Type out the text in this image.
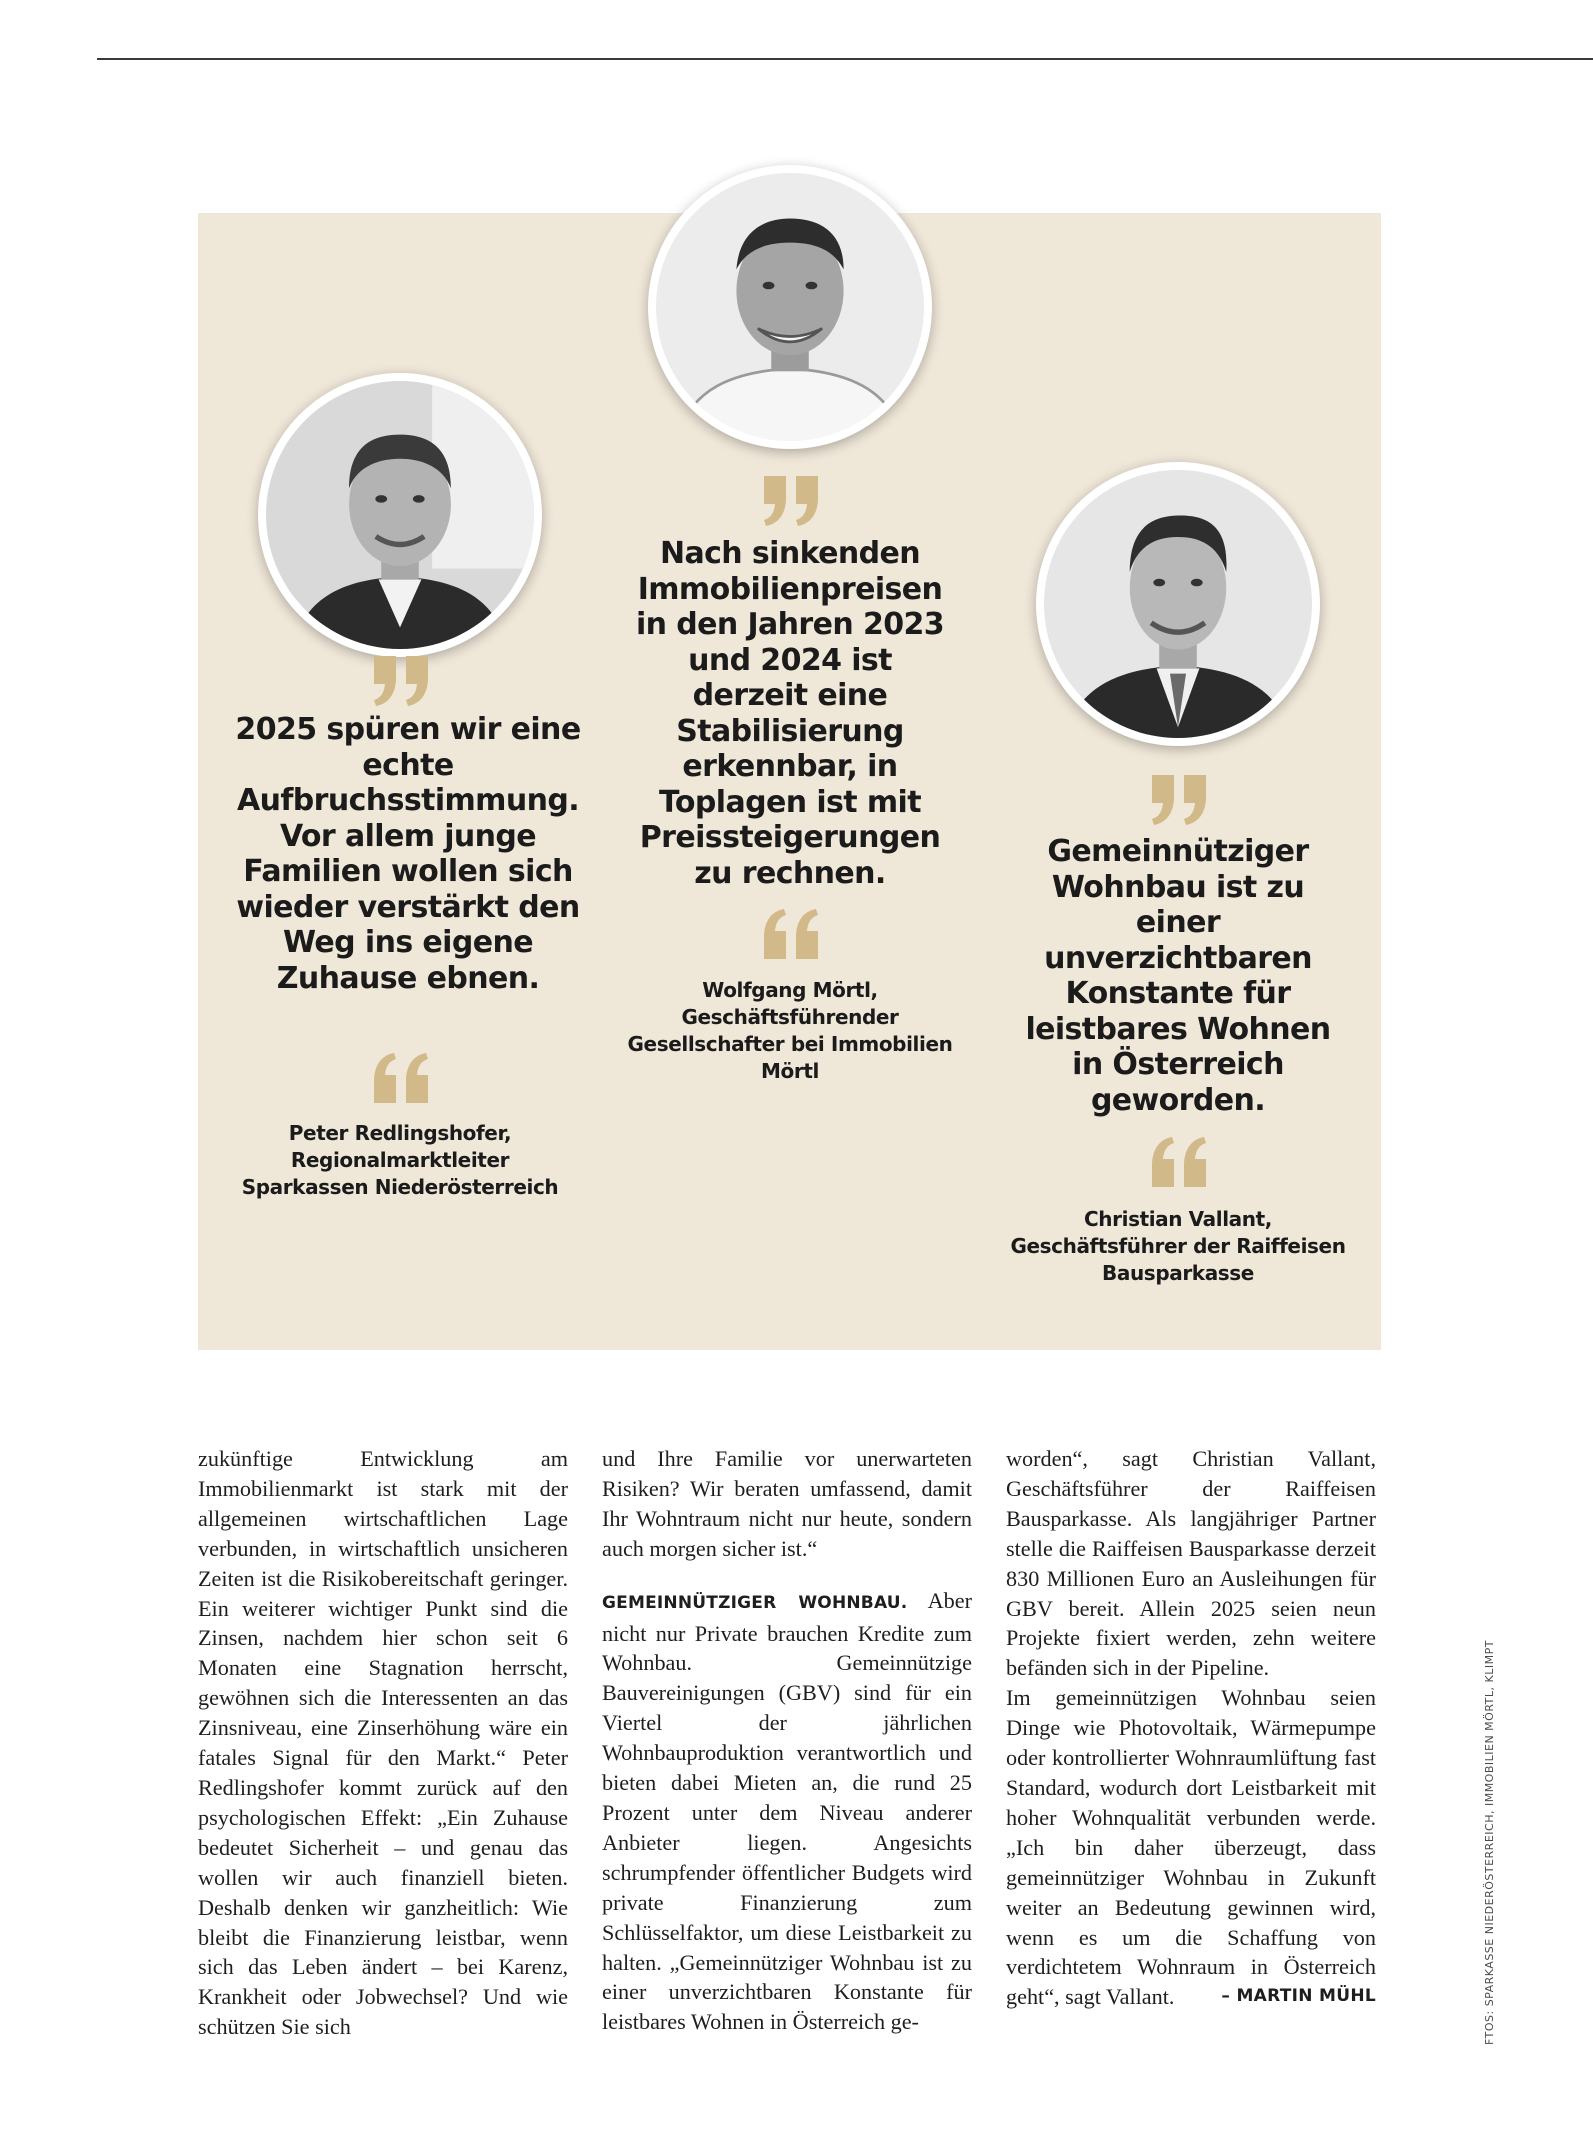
2025 spüren wir eine echte Aufbruchsstimmung. Vor allem junge Familien wollen sich wieder verstärkt den Weg ins eigene Zuhause ebnen.
Peter Redlingshofer,
Regionalmarktleiter
Sparkassen Niederösterreich
Nach sinkenden Immobilienpreisen in den Jahren 2023 und 2024 ist derzeit eine Stabilisierung erkennbar, in Toplagen ist mit Preissteigerungen zu rechnen.
Wolfgang Mörtl,
Geschäftsführender
Gesellschafter bei Immobilien Mörtl
Gemeinnütziger Wohnbau ist zu einer unverzichtbaren Konstante für leistbares Wohnen in Österreich geworden.
Christian Vallant,
Geschäftsführer der Raiffeisen
Bausparkasse

zukünftige Entwicklung am Immobilienmarkt ist stark mit der allgemeinen wirtschaftlichen Lage verbunden, in wirtschaftlich unsicheren Zeiten ist die Risikobereitschaft geringer. Ein weiterer wichtiger Punkt sind die Zinsen, nachdem hier schon seit 6 Monaten eine Stagnation herrscht, gewöhnen sich die Interessenten an das Zinsniveau, eine Zinserhöhung wäre ein fatales Signal für den Markt.“ Peter Redlingshofer kommt zurück auf den psychologischen Effekt: „Ein Zuhause bedeutet Sicherheit – und genau das wollen wir auch finanziell bieten. Deshalb denken wir ganzheitlich: Wie bleibt die Finanzierung leistbar, wenn sich das Leben ändert – bei Karenz, Krankheit oder Jobwechsel? Und wie schützen Sie sich

und Ihre Familie vor unerwarteten Risiken? Wir beraten umfassend, damit Ihr Wohntraum nicht nur heute, sondern auch morgen sicher ist.“

GEMEINNÜTZIGER WOHNBAU. Aber nicht nur Private brauchen Kredite zum Wohnbau. Gemeinnützige Bauvereinigungen (GBV) sind für ein Viertel der jährlichen Wohnbauproduktion verantwortlich und bieten dabei Mieten an, die rund 25 Prozent unter dem Niveau anderer Anbieter liegen. Angesichts schrumpfender öffentlicher Budgets wird private Finanzierung zum Schlüsselfaktor, um diese Leistbarkeit zu halten. „Gemeinnütziger Wohnbau ist zu einer unverzichtbaren Konstante für leistbares Wohnen in Österreich ge-

worden“, sagt Christian Vallant, Geschäftsführer der Raiffeisen Bausparkasse. Als langjähriger Partner stelle die Raiffeisen Bausparkasse derzeit 830 Millionen Euro an Ausleihungen für GBV bereit. Allein 2025 seien neun Projekte fixiert werden, zehn weitere befänden sich in der Pipeline.

Im gemeinnützigen Wohnbau seien Dinge wie Photovoltaik, Wärmepumpe oder kontrollierter Wohnraumlüftung fast Standard, wodurch dort Leistbarkeit mit hoher Wohnqualität verbunden werde. „Ich bin daher überzeugt, dass gemeinnütziger Wohnbau in Zukunft weiter an Bedeutung gewinnen wird, wenn es um die Schaffung von verdichtetem Wohnraum in Österreich geht“, sagt Vallant.	– MARTIN MÜHL	FTOS: SPARKASSE NIEDERÖSTERREICH, IMMOBILIEN MÖRTL, KLIMPT
